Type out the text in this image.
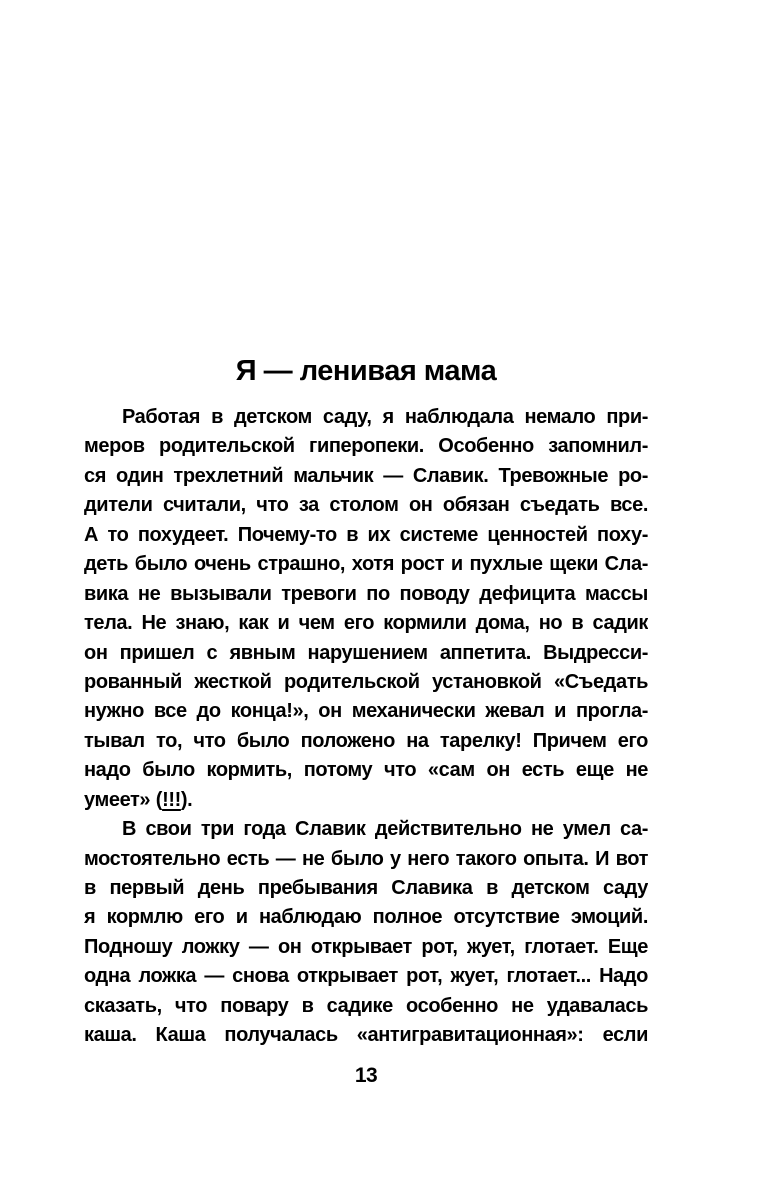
Я — ленивая мама
Работая в детском саду, я наблюдала немало при-
меров родительской гиперопеки. Особенно запомнил-
ся один трехлетний мальчик — Славик. Тревожные ро-
дители считали, что за столом он обязан съедать все.
А то похудеет. Почему-то в их системе ценностей поху-
деть было очень страшно, хотя рост и пухлые щеки Сла-
вика не вызывали тревоги по поводу дефицита массы
тела. Не знаю, как и чем его кормили дома, но в садик
он пришел с явным нарушением аппетита. Выдресси-
рованный жесткой родительской установкой «Съедать
нужно все до конца!», он механически жевал и прогла-
тывал то, что было положено на тарелку! Причем его
надо было кормить, потому что «сам он есть еще не
умеет» (!!!).
В свои три года Славик действительно не умел са-
мостоятельно есть — не было у него такого опыта. И вот
в первый день пребывания Славика в детском саду
я кормлю его и наблюдаю полное отсутствие эмоций.
Подношу ложку — он открывает рот, жует, глотает. Еще
одна ложка — снова открывает рот, жует, глотает... Надо
сказать, что повару в садике особенно не удавалась
каша. Каша получалась «антигравитационная»: если
13
